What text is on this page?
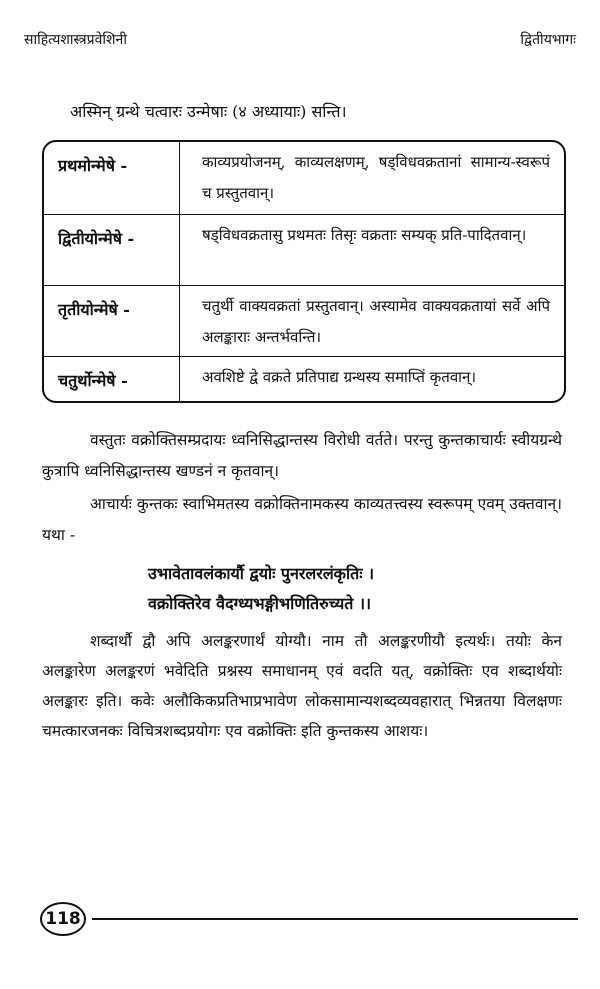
साहित्यशास्त्रप्रवेशिनी	द्वितीयभागः
अस्मिन् ग्रन्थे चत्वारः उन्मेषाः (४ अध्यायाः) सन्ति।
प्रथमोन्मेषे -	काव्यप्रयोजनम्, काव्यलक्षणम्, षड्विधवक्रतानां सामान्य-स्वरूपं च प्रस्तुतवान्।
द्वितीयोन्मेषे -	षड्विधवक्रतासु प्रथमतः तिसृः वक्रताः सम्यक् प्रति-पादितवान्।
तृतीयोन्मेषे -	चतुर्थी वाक्यवक्रतां प्रस्तुतवान्। अस्यामेव वाक्यवक्रतायां सर्वे अपि अलङ्काराः अन्तर्भवन्ति।
चतुर्थोन्मेषे -	अवशिष्टे द्वे वक्रते प्रतिपाद्य ग्रन्थस्य समाप्तिं कृतवान्।
वस्तुतः वक्रोक्तिसम्प्रदायः ध्वनिसिद्धान्तस्य विरोधी वर्तते। परन्तु कुन्तकाचार्यः स्वीयग्रन्थे कुत्रापि ध्वनिसिद्धान्तस्य खण्डनं न कृतवान्।
आचार्यः कुन्तकः स्वाभिमतस्य वक्रोक्तिनामकस्य काव्यतत्त्वस्य स्वरूपम् एवम् उक्तवान्। यथा -
उभावेतावलंकार्यौ द्वयोः पुनरलरलंकृतिः ।
वक्रोक्तिरेव वैदग्ध्यभङ्गीभणितिरुच्यते ।।
शब्दार्थौ द्वौ अपि अलङ्करणार्थं योग्यौ। नाम तौ अलङ्करणीयौ इत्यर्थः। तयोः केन अलङ्कारेण अलङ्करणं भवेदिति प्रश्नस्य समाधानम् एवं वदति यत्, वक्रोक्तिः एव शब्दार्थयोः अलङ्कारः इति। कवेः अलौकिकप्रतिभाप्रभावेण लोकसामान्यशब्दव्यवहारात् भिन्नतया विलक्षणः चमत्कारजनकः विचित्रशब्दप्रयोगः एव वक्रोक्तिः इति कुन्तकस्य आशयः।
118
